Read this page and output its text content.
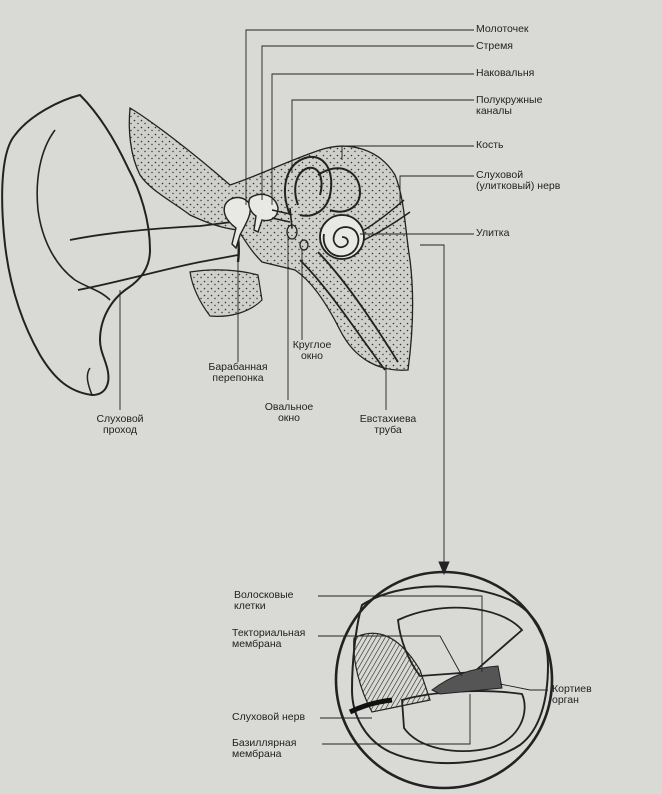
Молоточек
Стремя
Наковальня
Полукружные
каналы
Кость
Слуховой
(улитковый) нерв
Улитка
Барабанная
перепонка
Круглое
окно
Овальное
окно
Слуховой
проход
Евстахиева
труба
Волосковые
клетки
Текториальная
мембрана
Слуховой нерв
Базиллярная
мембрана
Кортиев
орган
